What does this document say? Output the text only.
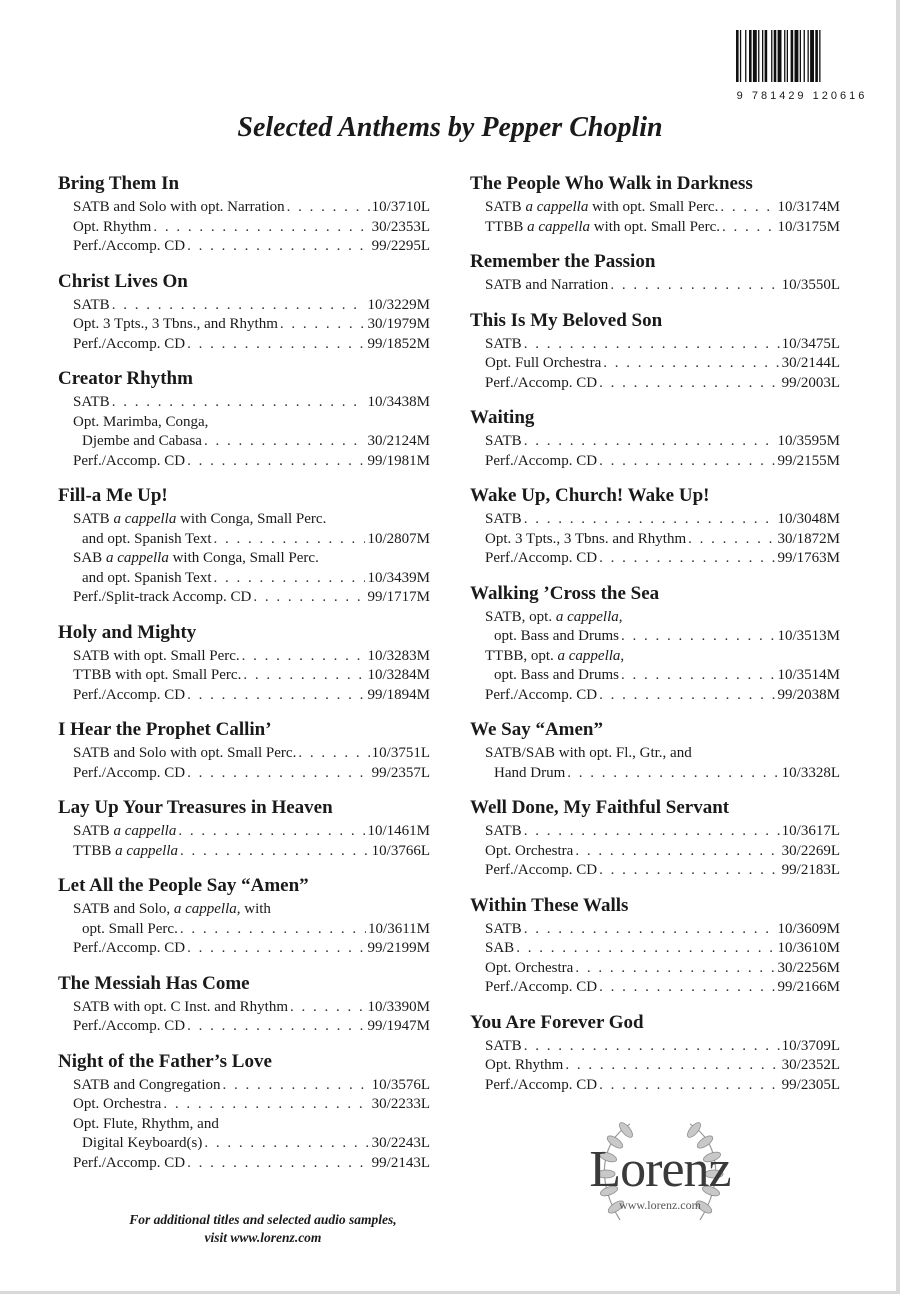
9 781429 120616
Selected Anthems by Pepper Choplin
Bring Them In
SATB and Solo with opt. Narration . . .	10/3710L
Opt. Rhythm . . .	30/2353L
Perf./Accomp. CD . . .	99/2295L
Christ Lives On
SATB . . .	10/3229M
Opt. 3 Tpts., 3 Tbns., and Rhythm . . .	30/1979M
Perf./Accomp. CD . . .	99/1852M
Creator Rhythm
SATB . . .	10/3438M
Opt. Marimba, Conga,
Djembe and Cabasa . . .	30/2124M
Perf./Accomp. CD . . .	99/1981M
Fill-a Me Up!
SATB a cappella with Conga, Small Perc.
and opt. Spanish Text . . .	10/2807M
SAB a cappella with Conga, Small Perc.
and opt. Spanish Text . . .	10/3439M
Perf./Split-track Accomp. CD . . .	99/1717M
Holy and Mighty
SATB with opt. Small Perc. . . .	10/3283M
TTBB with opt. Small Perc. . . .	10/3284M
Perf./Accomp. CD . . .	99/1894M
I Hear the Prophet Callin’
SATB and Solo with opt. Small Perc. . . .	10/3751L
Perf./Accomp. CD . . .	99/2357L
Lay Up Your Treasures in Heaven
SATB a cappella . . .	10/1461M
TTBB a cappella . . .	10/3766L
Let All the People Say “Amen”
SATB and Solo, a cappella, with
opt. Small Perc. . . .	10/3611M
Perf./Accomp. CD . . .	99/2199M
The Messiah Has Come
SATB with opt. C Inst. and Rhythm . . .	10/3390M
Perf./Accomp. CD . . .	99/1947M
Night of the Father’s Love
SATB and Congregation . . .	10/3576L
Opt. Orchestra . . .	30/2233L
Opt. Flute, Rhythm, and
Digital Keyboard(s) . . .	30/2243L
Perf./Accomp. CD . . .	99/2143L
The People Who Walk in Darkness
SATB a cappella with opt. Small Perc. . . .	10/3174M
TTBB a cappella with opt. Small Perc. . . .	10/3175M
Remember the Passion
SATB and Narration . . .	10/3550L
This Is My Beloved Son
SATB . . .	10/3475L
Opt. Full Orchestra . . .	30/2144L
Perf./Accomp. CD . . .	99/2003L
Waiting
SATB . . .	10/3595M
Perf./Accomp. CD . . .	99/2155M
Wake Up, Church! Wake Up!
SATB . . .	10/3048M
Opt. 3 Tpts., 3 Tbns. and Rhythm . . .	30/1872M
Perf./Accomp. CD . . .	99/1763M
Walking ’Cross the Sea
SATB, opt. a cappella,
opt. Bass and Drums . . .	10/3513M
TTBB, opt. a cappella,
opt. Bass and Drums . . .	10/3514M
Perf./Accomp. CD . . .	99/2038M
We Say “Amen”
SATB/SAB with opt. Fl., Gtr., and
Hand Drum . . .	10/3328L
Well Done, My Faithful Servant
SATB . . .	10/3617L
Opt. Orchestra . . .	30/2269L
Perf./Accomp. CD . . .	99/2183L
Within These Walls
SATB . . .	10/3609M
SAB . . .	10/3610M
Opt. Orchestra . . .	30/2256M
Perf./Accomp. CD . . .	99/2166M
You Are Forever God
SATB . . .	10/3709L
Opt. Rhythm . . .	30/2352L
Perf./Accomp. CD . . .	99/2305L
For additional titles and selected audio samples,
visit www.lorenz.com
Lorenz
www.lorenz.com
